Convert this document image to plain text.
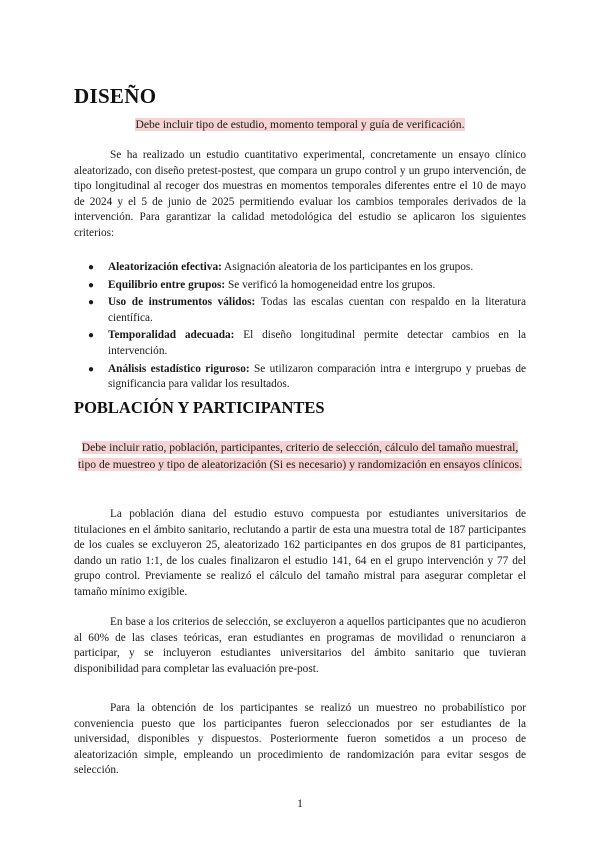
DISEÑO
Debe incluir tipo de estudio, momento temporal y guía de verificación.

Se ha realizado un estudio cuantitativo experimental, concretamente un ensayo clínico aleatorizado, con diseño pretest-postest, que compara un grupo control y un grupo intervención, de tipo longitudinal al recoger dos muestras en momentos temporales diferentes entre el 10 de mayo de 2024 y el 5 de junio de 2025 permitiendo evaluar los cambios temporales derivados de la intervención. Para garantizar la calidad metodológica del estudio se aplicaron los siguientes criterios:

● Aleatorización efectiva: Asignación aleatoria de los participantes en los grupos.
● Equilibrio entre grupos: Se verificó la homogeneidad entre los grupos.
● Uso de instrumentos válidos: Todas las escalas cuentan con respaldo en la literatura científica.
● Temporalidad adecuada: El diseño longitudinal permite detectar cambios en la intervención.
● Análisis estadístico riguroso: Se utilizaron comparación intra e intergrupo y pruebas de significancia para validar los resultados.
POBLACIÓN Y PARTICIPANTES
Debe incluir ratio, población, participantes, criterio de selección, cálculo del tamaño muestral, tipo de muestreo y tipo de aleatorización (Si es necesario) y randomización en ensayos clínicos.

La población diana del estudio estuvo compuesta por estudiantes universitarios de titulaciones en el ámbito sanitario, reclutando a partir de esta una muestra total de 187 participantes de los cuales se excluyeron 25, aleatorizado 162 participantes en dos grupos de 81 participantes, dando un ratio 1:1, de los cuales finalizaron el estudio 141, 64 en el grupo intervención y 77 del grupo control. Previamente se realizó el cálculo del tamaño mistral para asegurar completar el tamaño mínimo exigible.

En base a los criterios de selección, se excluyeron a aquellos participantes que no acudieron al 60% de las clases teóricas, eran estudiantes en programas de movilidad o renunciaron a participar, y se incluyeron estudiantes universitarios del ámbito sanitario que tuvieran disponibilidad para completar las evaluación pre-post.

Para la obtención de los participantes se realizó un muestreo no probabilístico por conveniencia puesto que los participantes fueron seleccionados por ser estudiantes de la universidad, disponibles y dispuestos. Posteriormente fueron sometidos a un proceso de aleatorización simple, empleando un procedimiento de randomización para evitar sesgos de selección.

1
